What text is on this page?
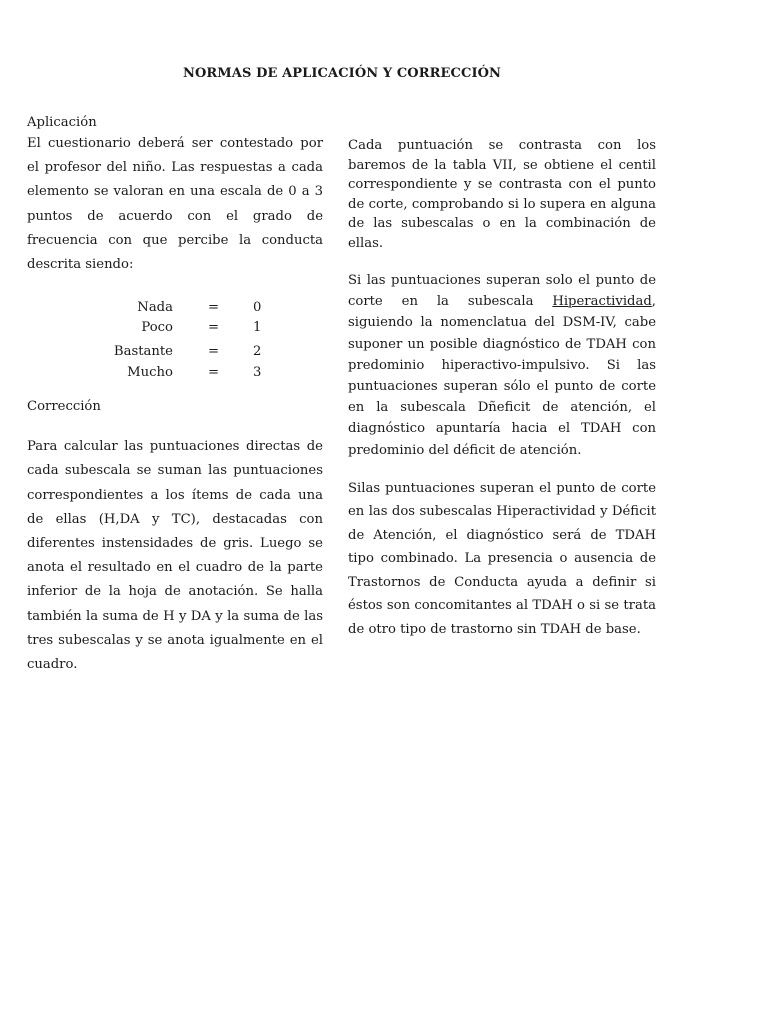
NORMAS DE APLICACIÓN Y CORRECCIÓN

Aplicación

El cuestionario deberá ser contestado por el profesor del niño. Las respuestas a cada elemento se valoran en una escala de 0 a 3 puntos de acuerdo con el grado de frecuencia con que percibe la conducta descrita siendo:

Nada	=	0
Poco	=	1
Bastante	=	2
Mucho	=	3

Corrección

Para calcular las puntuaciones directas de cada subescala se suman las puntuaciones correspondientes a los ítems de cada una de ellas (H,DA y TC), destacadas con diferentes instensidades de gris. Luego se anota el resultado en el cuadro de la parte inferior de la hoja de anotación. Se halla también la suma de H y DA y la suma de las tres subescalas y se anota igualmente en el cuadro.

Cada puntuación se contrasta con los baremos de la tabla VII, se obtiene el centil correspondiente y se contrasta con el punto de corte, comprobando si lo supera en alguna de las subescalas o en la combinación de ellas.

Si las puntuaciones superan solo el punto de corte en la subescala Hiperactividad, siguiendo la nomenclatua del DSM-IV, cabe suponer un posible diagnóstico de TDAH con predominio hiperactivo-impulsivo. Si las puntuaciones superan sólo el punto de corte en la subescala Dñeficit de atención, el diagnóstico apuntaría hacia el TDAH con predominio del déficit de atención.

Silas puntuaciones superan el punto de corte en las dos subescalas Hiperactividad y Déficit de Atención, el diagnóstico será de TDAH tipo combinado. La presencia o ausencia de Trastornos de Conducta ayuda a definir si éstos son concomitantes al TDAH o si se trata de otro tipo de trastorno sin TDAH de base.
